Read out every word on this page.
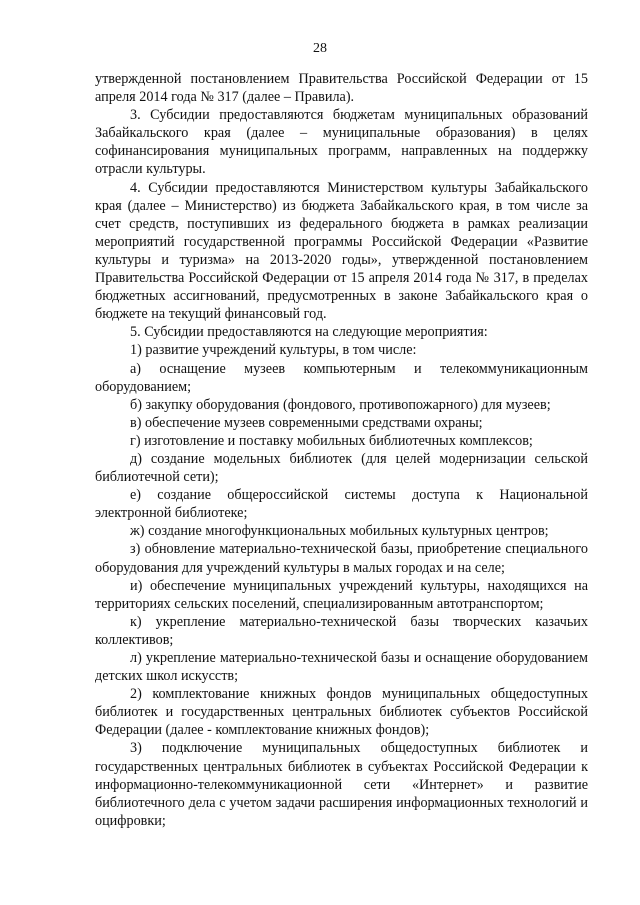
28

утвержденной постановлением Правительства Российской Федерации от 15 апреля 2014 года № 317 (далее – Правила).

3. Субсидии предоставляются бюджетам муниципальных образований Забайкальского края (далее – муниципальные образования) в целях софинансирования муниципальных программ, направленных на поддержку отрасли культуры.

4. Субсидии предоставляются Министерством культуры Забайкальского края (далее – Министерство) из бюджета Забайкальского края, в том числе за счет средств, поступивших из федерального бюджета в рамках реализации мероприятий государственной программы Российской Федерации «Развитие культуры и туризма» на 2013-2020 годы», утвержденной постановлением Правительства Российской Федерации от 15 апреля 2014 года № 317, в пределах бюджетных ассигнований, предусмотренных в законе Забайкальского края о бюджете на текущий финансовый год.

5. Субсидии предоставляются на следующие мероприятия:

1) развитие учреждений культуры, в том числе:

а) оснащение музеев компьютерным и телекоммуникационным оборудованием;

б) закупку оборудования (фондового, противопожарного) для музеев;

в) обеспечение музеев современными средствами охраны;

г) изготовление и поставку мобильных библиотечных комплексов;

д) создание модельных библиотек (для целей модернизации сельской библиотечной сети);

е) создание общероссийской системы доступа к Национальной электронной библиотеке;

ж) создание многофункциональных мобильных культурных центров;

з) обновление материально-технической базы, приобретение специального оборудования для учреждений культуры в малых городах и на селе;

и) обеспечение муниципальных учреждений культуры, находящихся на территориях сельских поселений, специализированным автотранспортом;

к) укрепление материально-технической базы творческих казачьих коллективов;

л) укрепление материально-технической базы и оснащение оборудованием детских школ искусств;

2) комплектование книжных фондов муниципальных общедоступных библиотек и государственных центральных библиотек субъектов Российской Федерации (далее - комплектование книжных фондов);

3) подключение муниципальных общедоступных библиотек и государственных центральных библиотек в субъектах Российской Федерации к информационно-телекоммуникационной сети «Интернет» и развитие библиотечного дела с учетом задачи расширения информационных технологий и оцифровки;
